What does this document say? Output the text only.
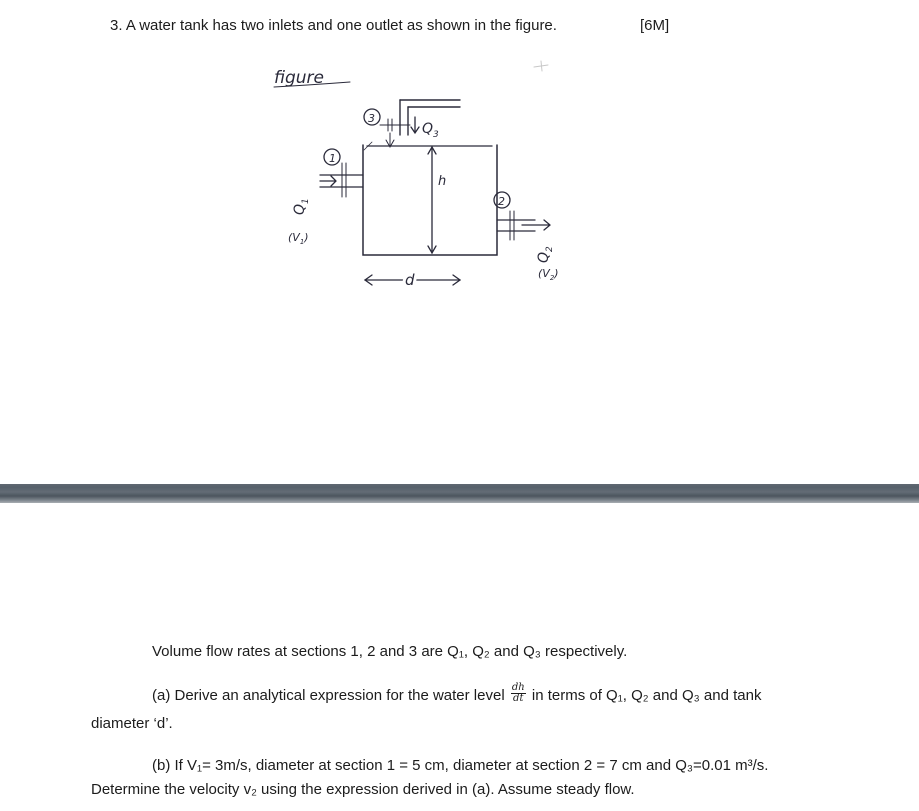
3. A water tank has two inlets and one outlet as shown in the figure.	[6M]
figure
1
$Q_1$
$(V_1)$
3
$Q_3$
h
d
2
$Q_2$
$(V_2)$
Volume flow rates at sections 1, 2 and 3 are Q₁, Q₂ and Q₃ respectively.
(a) Derive an analytical expression for the water level $\frac{dh}{dt}$ in terms of Q₁, Q₂ and Q₃ and tank
diameter ‘d’.
(b) If V₁= 3m/s, diameter at section 1 = 5 cm, diameter at section 2 = 7 cm and Q₃=0.01 m³/s.
Determine the velocity v₂ using the expression derived in (a). Assume steady flow.
